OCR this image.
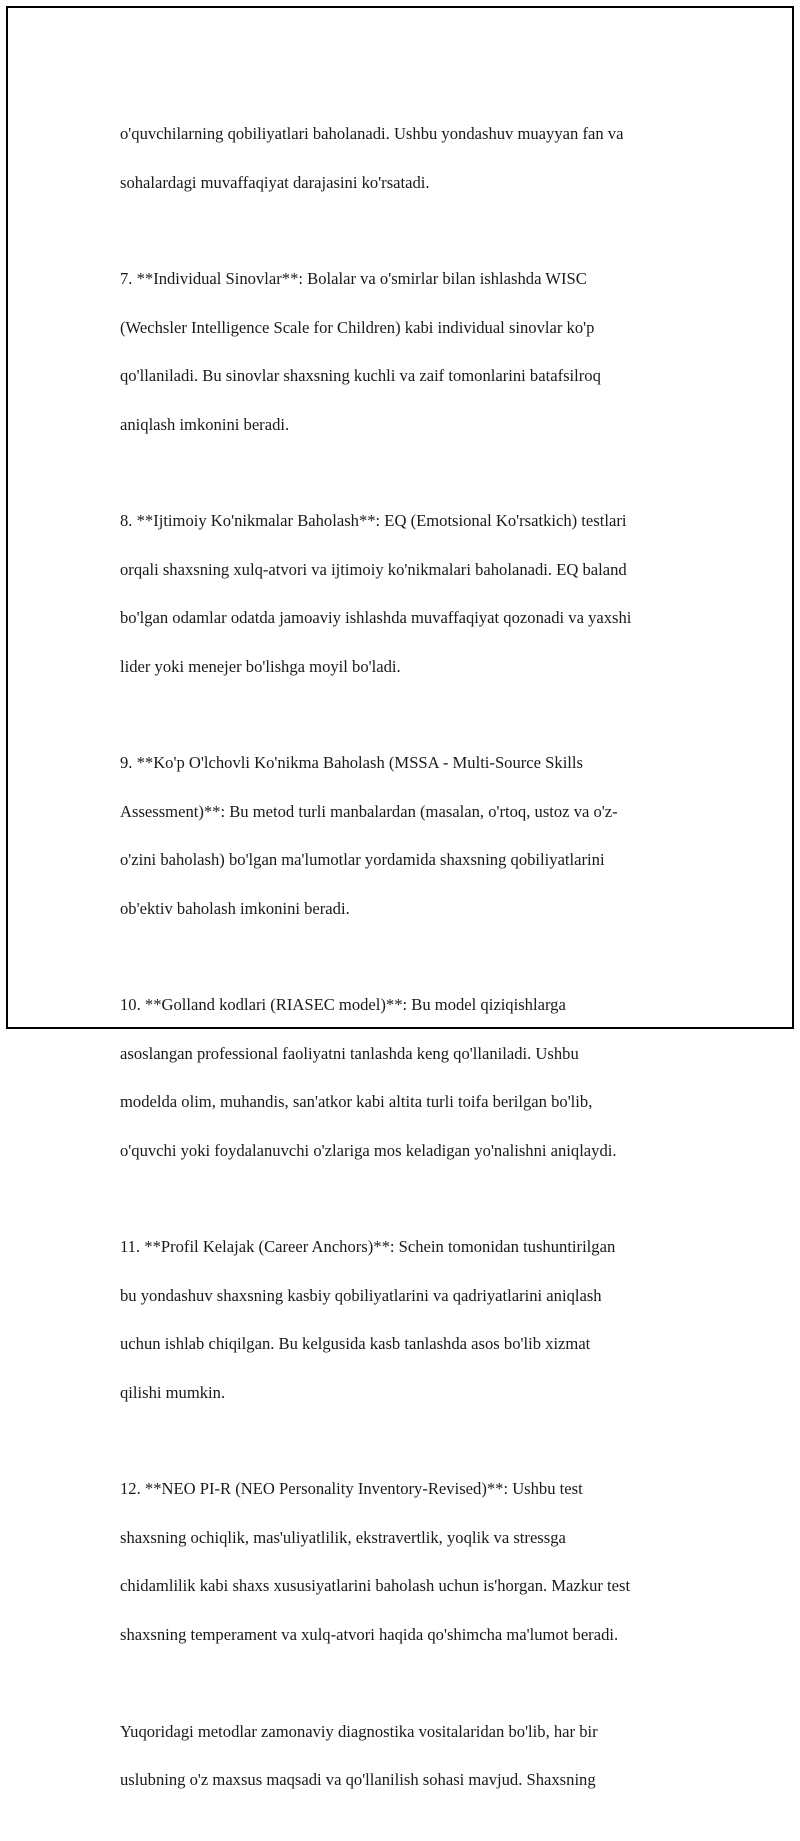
o'quvchilarning qobiliyatlari baholanadi. Ushbu yondashuv muayyan fan va

sohalardagi muvaffaqiyat darajasini ko'rsatadi.

7. **Individual Sinovlar**: Bolalar va o'smirlar bilan ishlashda WISC

(Wechsler Intelligence Scale for Children) kabi individual sinovlar ko'p

qo'llaniladi. Bu sinovlar shaxsning kuchli va zaif tomonlarini batafsilroq

aniqlash imkonini beradi.

8. **Ijtimoiy Ko'nikmalar Baholash**: EQ (Emotsional Ko'rsatkich) testlari

orqali shaxsning xulq-atvori va ijtimoiy ko'nikmalari baholanadi. EQ baland

bo'lgan odamlar odatda jamoaviy ishlashda muvaffaqiyat qozonadi va yaxshi

lider yoki menejer bo'lishga moyil bo'ladi.

9. **Ko'p O'lchovli Ko'nikma Baholash (MSSA - Multi-Source Skills

Assessment)**: Bu metod turli manbalardan (masalan, o'rtoq, ustoz va o'z-

o'zini baholash) bo'lgan ma'lumotlar yordamida shaxsning qobiliyatlarini

ob'ektiv baholash imkonini beradi.

10. **Golland kodlari (RIASEC model)**: Bu model qiziqishlarga

asoslangan professional faoliyatni tanlashda keng qo'llaniladi. Ushbu

modelda olim, muhandis, san'atkor kabi altita turli toifa berilgan bo'lib,

o'quvchi yoki foydalanuvchi o'zlariga mos keladigan yo'nalishni aniqlaydi.

11. **Profil Kelajak (Career Anchors)**: Schein tomonidan tushuntirilgan

bu yondashuv shaxsning kasbiy qobiliyatlarini va qadriyatlarini aniqlash

uchun ishlab chiqilgan. Bu kelgusida kasb tanlashda asos bo'lib xizmat

qilishi mumkin.

12. **NEO PI-R (NEO Personality Inventory-Revised)**: Ushbu test

shaxsning ochiqlik, mas'uliyatlilik, ekstravertlik, yoqlik va stressga

chidamlilik kabi shaxs xususiyatlarini baholash uchun is'horgan. Mazkur test

shaxsning temperament va xulq-atvori haqida qo'shimcha ma'lumot beradi.

Yuqoridagi metodlar zamonaviy diagnostika vositalaridan bo'lib, har bir

uslubning o'z maxsus maqsadi va qo'llanilish sohasi mavjud. Shaxsning
